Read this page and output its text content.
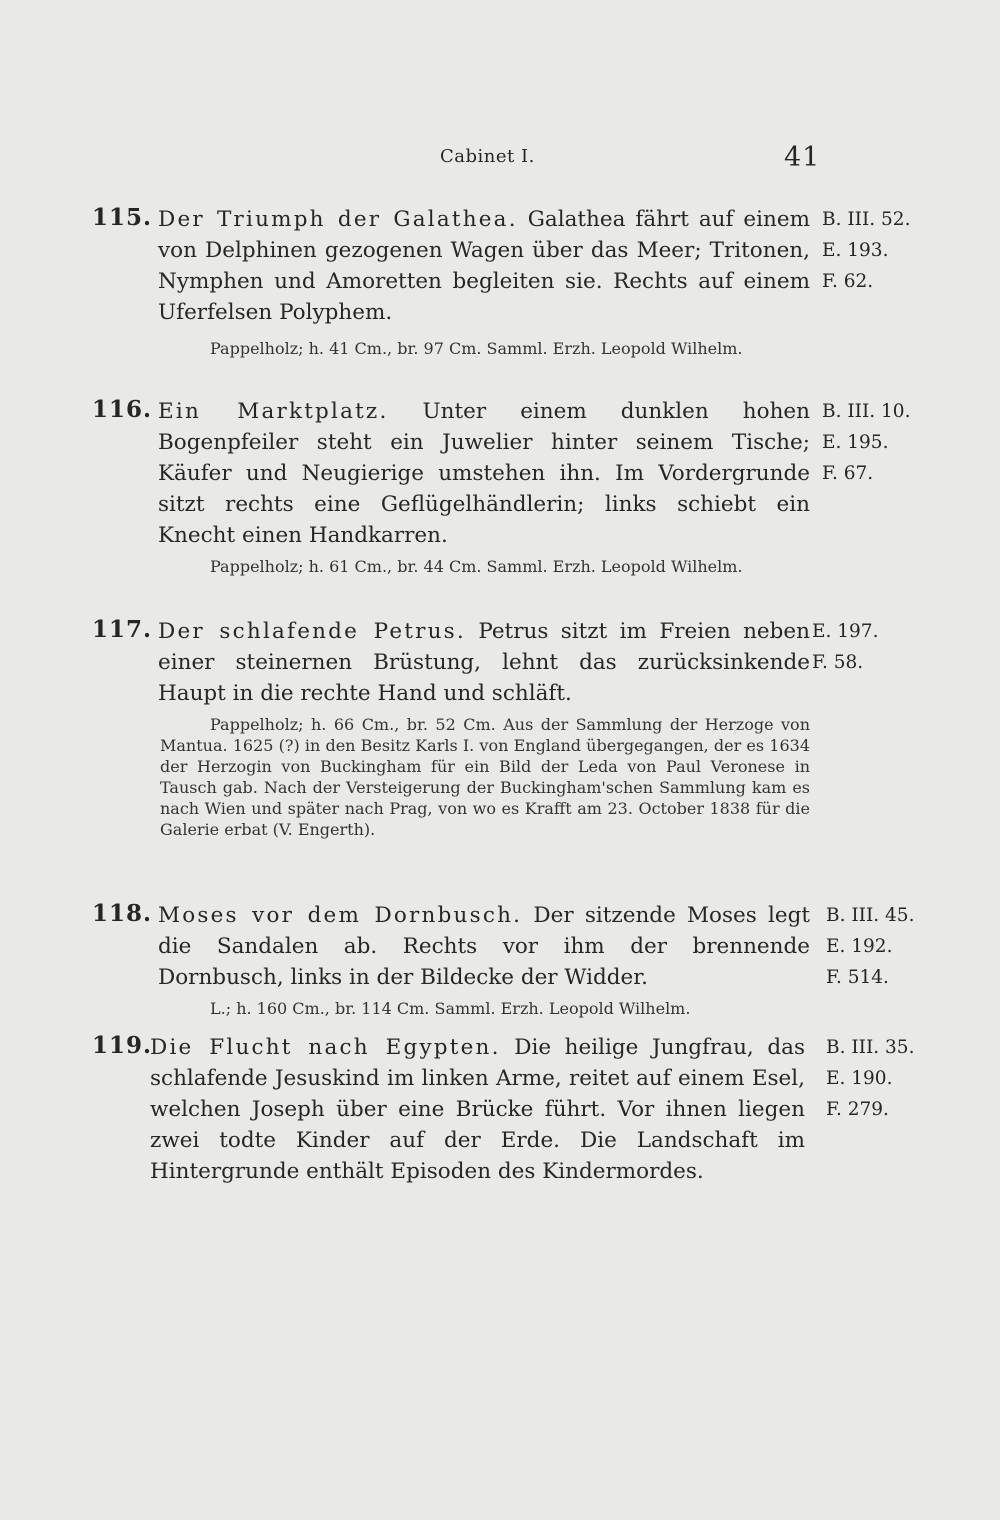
Cabinet I.	41
115. Der Triumph der Galathea. Galathea fährt auf einem von Delphinen gezogenen Wagen über das Meer; Tritonen, Nymphen und Amoretten begleiten sie. Rechts auf einem Uferfelsen Polyphem.
B. III. 52.
E. 193.
F. 62.
Pappelholz; h. 41 Cm., br. 97 Cm. Samml. Erzh. Leopold Wilhelm.
116. Ein Marktplatz. Unter einem dunklen hohen Bogenpfeiler steht ein Juwelier hinter seinem Tische; Käufer und Neugierige umstehen ihn. Im Vordergrunde sitzt rechts eine Geflügelhändlerin; links schiebt ein Knecht einen Handkarren.
B. III. 10.
E. 195.
F. 67.
Pappelholz; h. 61 Cm., br. 44 Cm. Samml. Erzh. Leopold Wilhelm.
117. Der schlafende Petrus. Petrus sitzt im Freien neben einer steinernen Brüstung, lehnt das zurücksinkende Haupt in die rechte Hand und schläft.
E. 197.
F. 58.
Pappelholz; h. 66 Cm., br. 52 Cm. Aus der Sammlung der Herzoge von Mantua. 1625 (?) in den Besitz Karls I. von England übergegangen, der es 1634 der Herzogin von Buckingham für ein Bild der Leda von Paul Veronese in Tausch gab. Nach der Versteigerung der Buckingham'schen Sammlung kam es nach Wien und später nach Prag, von wo es Krafft am 23. October 1838 für die Galerie erbat (V. Engerth).
118. Moses vor dem Dornbusch. Der sitzende Moses legt die Sandalen ab. Rechts vor ihm der brennende Dornbusch, links in der Bildecke der Widder.
B. III. 45.
E. 192.
F. 514.
L.; h. 160 Cm., br. 114 Cm. Samml. Erzh. Leopold Wilhelm.
119.
Die Flucht nach Egypten. Die heilige Jungfrau, das schlafende Jesuskind im linken Arme, reitet auf einem Esel, welchen Joseph über eine Brücke führt. Vor ihnen liegen zwei todte Kinder auf der Erde. Die Landschaft im Hintergrunde enthält Episoden des Kindermordes.
B. III. 35.
E. 190.
F. 279.
